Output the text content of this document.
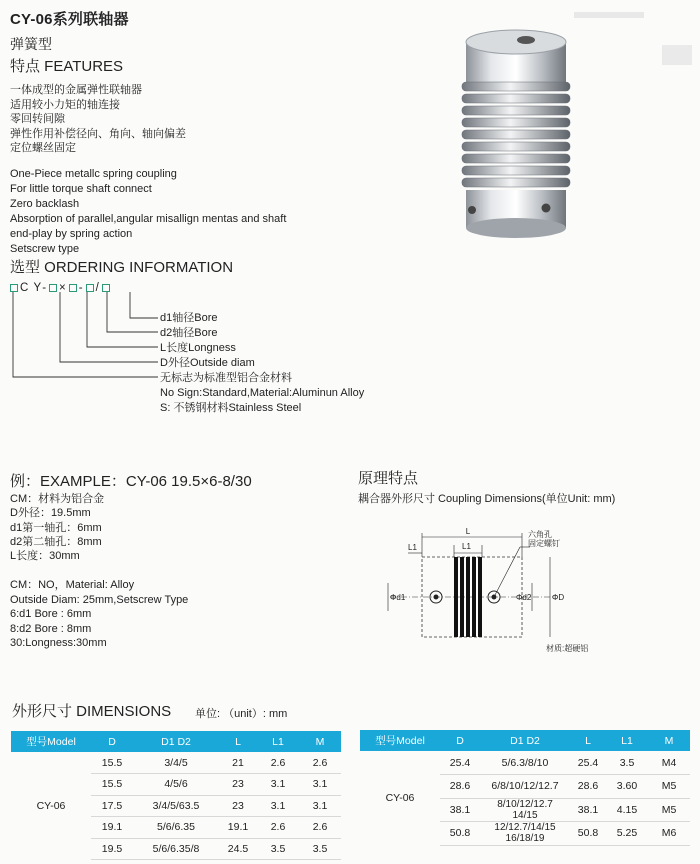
CY-06系列联轴器
弹簧型
特点 FEATURES
一体成型的金属弹性联轴器
适用较小力矩的轴连接
零回转间隙
弹性作用补偿径向、角向、轴向偏差
定位螺丝固定
One-Piece metallc spring coupling
For little torque shaft connect
Zero backlash
Absorption of parallel,angular misallign mentas and shaft
end-play by spring action
Setscrew type
选型 ORDERING INFORMATION
C
Y - × - /
d1轴径Bore
d2轴径Bore
L长度Longness
D外径Outside diam
无标志为标准型铝合金材料
No Sign:Standard,Material:Aluminun Alloy
S: 不锈钢材料Stainless Steel
例：EXAMPLE：CY-06 19.5×6-8/30
CM：材料为铝合金
D外径：19.5mm
d1第一轴孔：6mm
d2第二轴孔：8mm
L长度：30mm
CM：NO，Material: Alloy
Outside Diam: 25mm,Setscrew Type
6:d1 Bore : 6mm
8:d2 Bore : 8mm
30:Longness:30mm
原理特点
耦合器外形尺寸 Coupling Dimensions(单位Unit: mm)
L
L1	L1
Φd1	Φd2	ΦD
六角孔
固定螺钉
材质:超硬铝
外形尺寸 DIMENSIONS 单位: （unit）: mm
型号Model	D	D1 D2	L	L1	M
CY-06	15.5	3/4/5	21	2.6	2.6
	15.5	4/5/6	23	3.1	3.1
	17.5	3/4/5/63.5	23	3.1	3.1
	19.1	5/6/6.35	19.1	2.6	2.6
	19.5	5/6/6.35/8	24.5	3.5	3.5
型号Model	D	D1 D2	L	L1	M
CY-06	25.4	5/6.3/8/10	25.4	3.5	M4
	28.6	6/8/10/12/12.7	28.6	3.60	M5
	38.1	8/10/12/12.7
14/15	38.1	4.15	M5
	50.8	12/12.7/14/15
16/18/19	50.8	5.25	M6
